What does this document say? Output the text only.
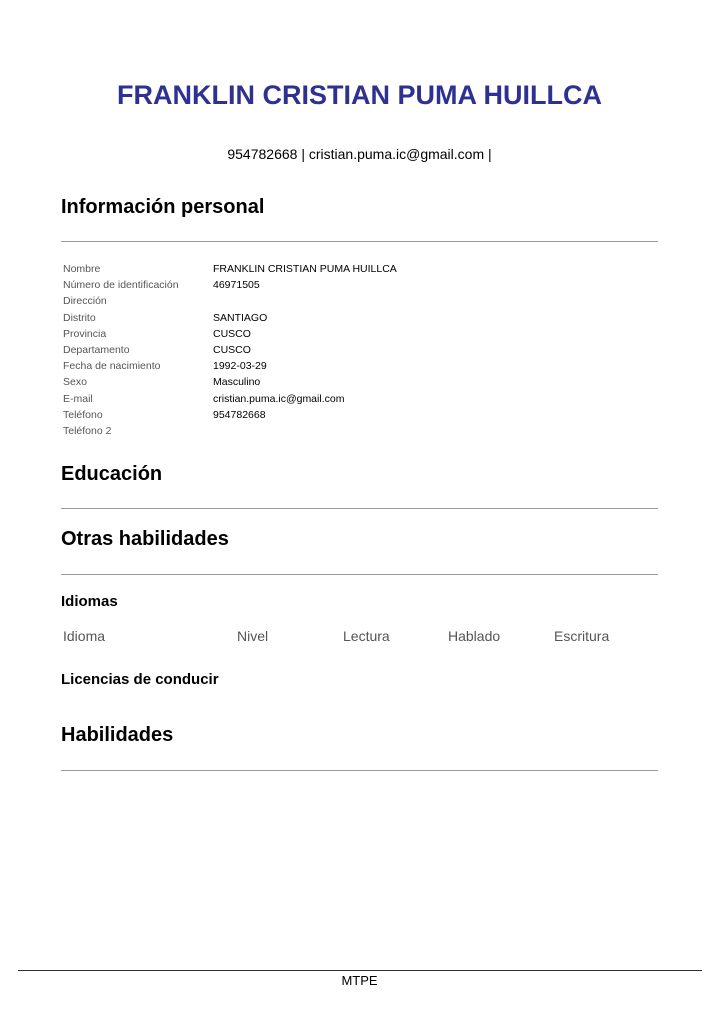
FRANKLIN CRISTIAN PUMA HUILLCA
954782668 | cristian.puma.ic@gmail.com |
Información personal
Nombre	FRANKLIN CRISTIAN PUMA HUILLCA
Número de identificación	46971505
Dirección
Distrito	SANTIAGO
Provincia	CUSCO
Departamento	CUSCO
Fecha de nacimiento	1992-03-29
Sexo	Masculino
E-mail	cristian.puma.ic@gmail.com
Teléfono	954782668
Teléfono 2
Educación
Otras habilidades
Idiomas
Idioma	Nivel	Lectura	Hablado	Escritura
Licencias de conducir
Habilidades
MTPE
